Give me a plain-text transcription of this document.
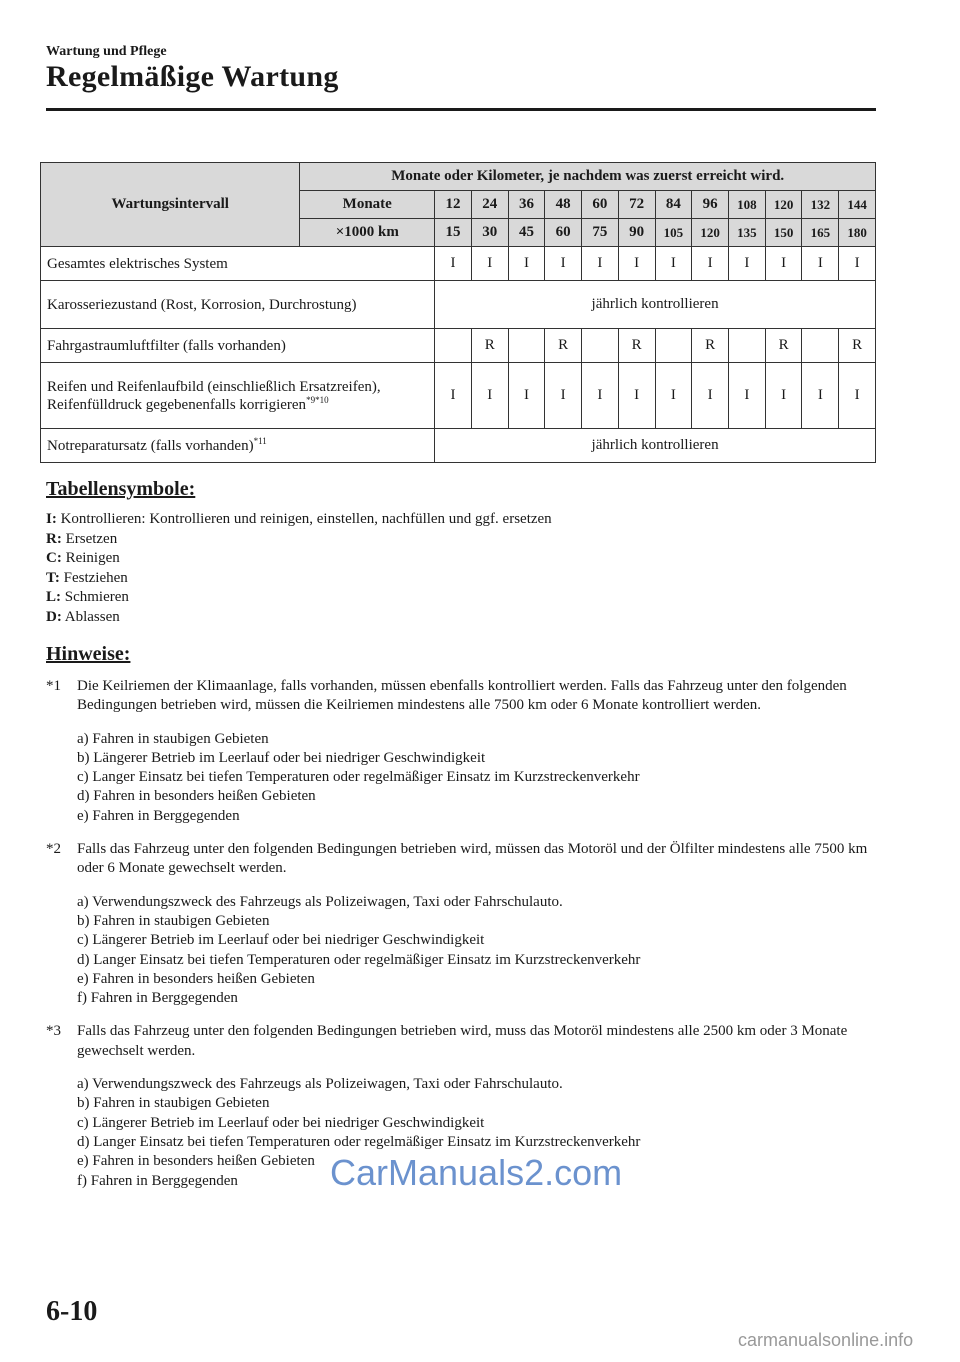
Wartung und Pflege
Regelmäßige Wartung
Wartungsintervall	Monate oder Kilometer, je nachdem was zuerst erreicht wird.												
	Monate	12	24	36	48	60	72	84	96	108	120	132	144
	×1000 km	15	30	45	60	75	90	105	120	135	150	165	180
Gesamtes elektrisches System		I	I	I	I	I	I	I	I	I	I	I	I
Karosseriezustand (Rost, Korrosion, Durchrostung)		jährlich kontrollieren											
Fahrgastraumluftfilter (falls vorhanden)			R		R		R		R		R		R
Reifen und Reifenlaufbild (einschließlich Ersatzreifen), Reifenfülldruck gegebenenfalls korrigieren$^{*9*10}$		I	I	I	I	I	I	I	I	I	I	I	I
Notreparatursatz (falls vorhanden)$^{*11}$		jährlich kontrollieren											
Tabellensymbole:
I: Kontrollieren: Kontrollieren und reinigen, einstellen, nachfüllen und ggf. ersetzen
R: Ersetzen
C: Reinigen
T: Festziehen
L: Schmieren
D: Ablassen
Hinweise:
*1	Die Keilriemen der Klimaanlage, falls vorhanden, müssen ebenfalls kontrolliert werden. Falls das Fahrzeug unter den folgenden Bedingungen betrieben wird, müssen die Keilriemen mindestens alle 7500 km oder 6 Monate kontrolliert werden.
a) Fahren in staubigen Gebieten
b) Längerer Betrieb im Leerlauf oder bei niedriger Geschwindigkeit
c) Langer Einsatz bei tiefen Temperaturen oder regelmäßiger Einsatz im Kurzstreckenverkehr
d) Fahren in besonders heißen Gebieten
e) Fahren in Berggegenden
*2	Falls das Fahrzeug unter den folgenden Bedingungen betrieben wird, müssen das Motoröl und der Ölfilter mindestens alle 7500 km oder 6 Monate gewechselt werden.
a) Verwendungszweck des Fahrzeugs als Polizeiwagen, Taxi oder Fahrschulauto.
b) Fahren in staubigen Gebieten
c) Längerer Betrieb im Leerlauf oder bei niedriger Geschwindigkeit
d) Langer Einsatz bei tiefen Temperaturen oder regelmäßiger Einsatz im Kurzstreckenverkehr
e) Fahren in besonders heißen Gebieten
f) Fahren in Berggegenden
*3	Falls das Fahrzeug unter den folgenden Bedingungen betrieben wird, muss das Motoröl mindestens alle 2500 km oder 3 Monate gewechselt werden.
a) Verwendungszweck des Fahrzeugs als Polizeiwagen, Taxi oder Fahrschulauto.
b) Fahren in staubigen Gebieten
c) Längerer Betrieb im Leerlauf oder bei niedriger Geschwindigkeit
d) Langer Einsatz bei tiefen Temperaturen oder regelmäßiger Einsatz im Kurzstreckenverkehr
e) Fahren in besonders heißen Gebieten
f) Fahren in Berggegenden	CarManuals2.com
6-10
carmanualsonline.info
